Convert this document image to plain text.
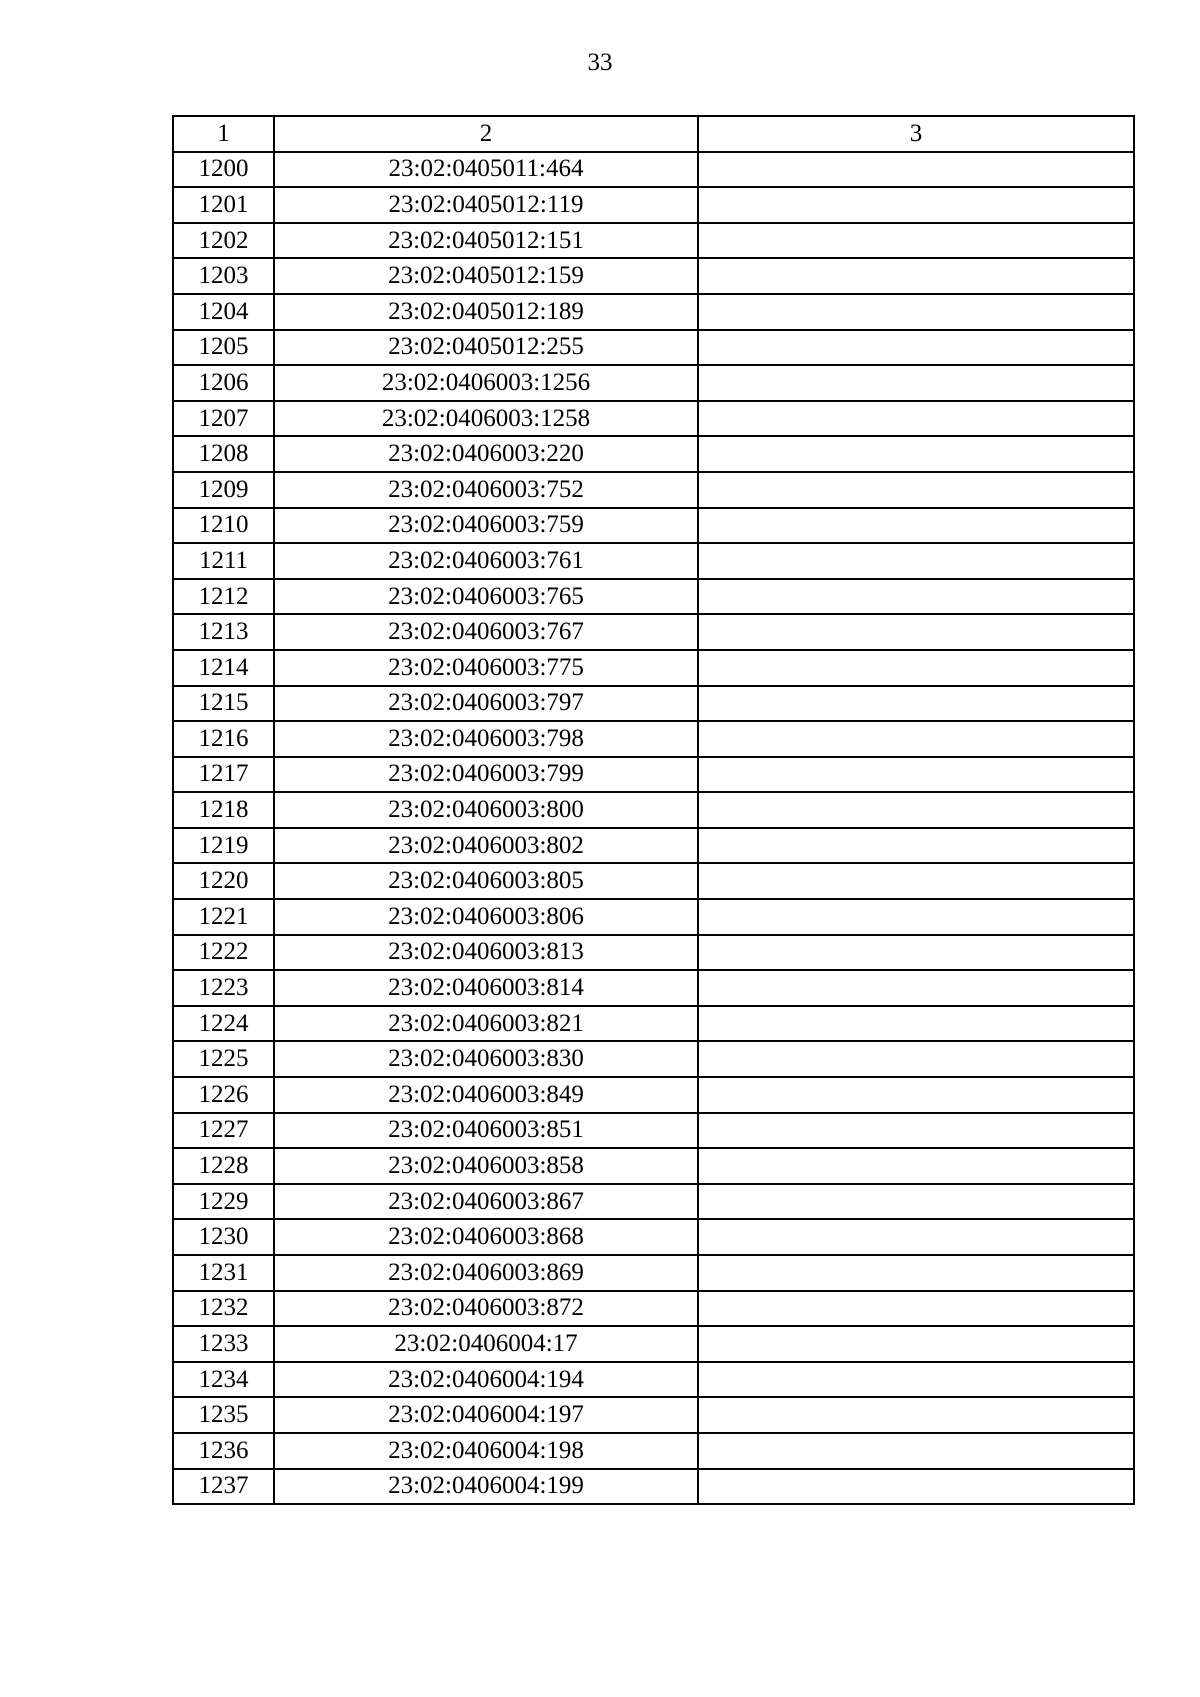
33
1	2	3
1200	23:02:0405011:464	
1201	23:02:0405012:119	
1202	23:02:0405012:151	
1203	23:02:0405012:159	
1204	23:02:0405012:189	
1205	23:02:0405012:255	
1206	23:02:0406003:1256	
1207	23:02:0406003:1258	
1208	23:02:0406003:220	
1209	23:02:0406003:752	
1210	23:02:0406003:759	
1211	23:02:0406003:761	
1212	23:02:0406003:765	
1213	23:02:0406003:767	
1214	23:02:0406003:775	
1215	23:02:0406003:797	
1216	23:02:0406003:798	
1217	23:02:0406003:799	
1218	23:02:0406003:800	
1219	23:02:0406003:802	
1220	23:02:0406003:805	
1221	23:02:0406003:806	
1222	23:02:0406003:813	
1223	23:02:0406003:814	
1224	23:02:0406003:821	
1225	23:02:0406003:830	
1226	23:02:0406003:849	
1227	23:02:0406003:851	
1228	23:02:0406003:858	
1229	23:02:0406003:867	
1230	23:02:0406003:868	
1231	23:02:0406003:869	
1232	23:02:0406003:872	
1233	23:02:0406004:17	
1234	23:02:0406004:194	
1235	23:02:0406004:197	
1236	23:02:0406004:198	
1237	23:02:0406004:199	
